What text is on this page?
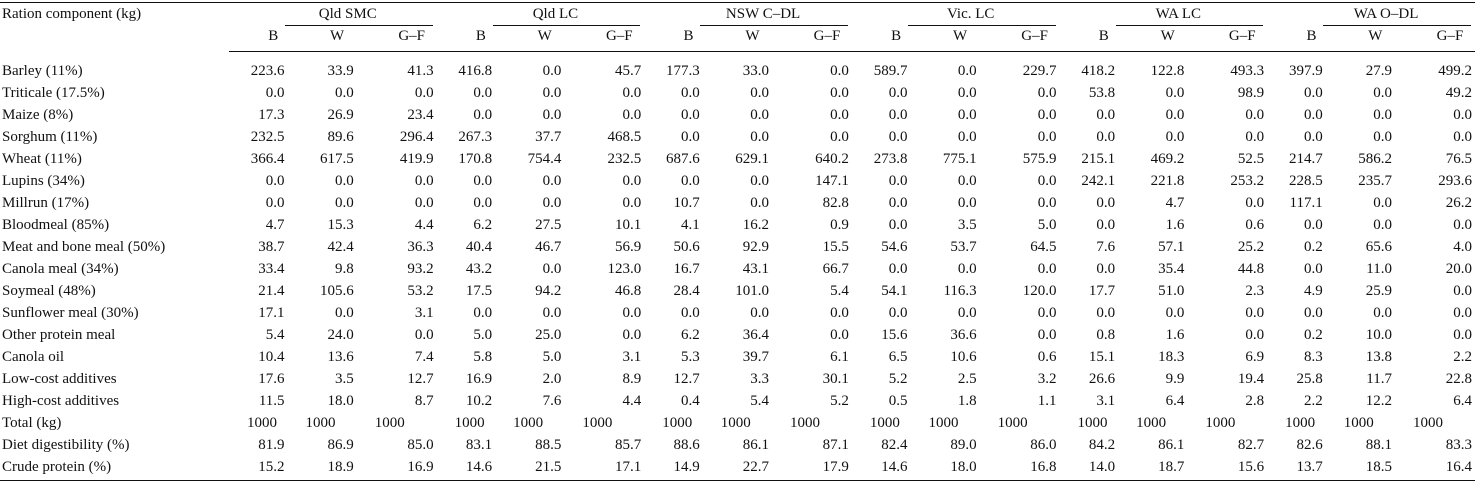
Ration component (kg)	Qld SMC			Qld LC			NSW C–DL			Vic. LC			WA LC			WA O–DL		

	B	W	G–F	B	W	G–F	B	W	G–F	B	W	G–F	B	W	G–F	B	W	G–F

Barley (11%)	223.6	33.9	41.3	416.8	0.0	45.7	177.3	33.0	0.0	589.7	0.0	229.7	418.2	122.8	493.3	397.9	27.9	499.2
Triticale (17.5%)	0.0	0.0	0.0	0.0	0.0	0.0	0.0	0.0	0.0	0.0	0.0	0.0	53.8	0.0	98.9	0.0	0.0	49.2
Maize (8%)	17.3	26.9	23.4	0.0	0.0	0.0	0.0	0.0	0.0	0.0	0.0	0.0	0.0	0.0	0.0	0.0	0.0	0.0
Sorghum (11%)	232.5	89.6	296.4	267.3	37.7	468.5	0.0	0.0	0.0	0.0	0.0	0.0	0.0	0.0	0.0	0.0	0.0	0.0
Wheat (11%)	366.4	617.5	419.9	170.8	754.4	232.5	687.6	629.1	640.2	273.8	775.1	575.9	215.1	469.2	52.5	214.7	586.2	76.5
Lupins (34%)	0.0	0.0	0.0	0.0	0.0	0.0	0.0	0.0	147.1	0.0	0.0	0.0	242.1	221.8	253.2	228.5	235.7	293.6
Millrun (17%)	0.0	0.0	0.0	0.0	0.0	0.0	10.7	0.0	82.8	0.0	0.0	0.0	0.0	4.7	0.0	117.1	0.0	26.2
Bloodmeal (85%)	4.7	15.3	4.4	6.2	27.5	10.1	4.1	16.2	0.9	0.0	3.5	5.0	0.0	1.6	0.6	0.0	0.0	0.0
Meat and bone meal (50%)	38.7	42.4	36.3	40.4	46.7	56.9	50.6	92.9	15.5	54.6	53.7	64.5	7.6	57.1	25.2	0.2	65.6	4.0
Canola meal (34%)	33.4	9.8	93.2	43.2	0.0	123.0	16.7	43.1	66.7	0.0	0.0	0.0	0.0	35.4	44.8	0.0	11.0	20.0
Soymeal (48%)	21.4	105.6	53.2	17.5	94.2	46.8	28.4	101.0	5.4	54.1	116.3	120.0	17.7	51.0	2.3	4.9	25.9	0.0
Sunflower meal (30%)	17.1	0.0	3.1	0.0	0.0	0.0	0.0	0.0	0.0	0.0	0.0	0.0	0.0	0.0	0.0	0.0	0.0	0.0
Other protein meal	5.4	24.0	0.0	5.0	25.0	0.0	6.2	36.4	0.0	15.6	36.6	0.0	0.8	1.6	0.0	0.2	10.0	0.0
Canola oil	10.4	13.6	7.4	5.8	5.0	3.1	5.3	39.7	6.1	6.5	10.6	0.6	15.1	18.3	6.9	8.3	13.8	2.2
Low-cost additives	17.6	3.5	12.7	16.9	2.0	8.9	12.7	3.3	30.1	5.2	2.5	3.2	26.6	9.9	19.4	25.8	11.7	22.8
High-cost additives	11.5	18.0	8.7	10.2	7.6	4.4	0.4	5.4	5.2	0.5	1.8	1.1	3.1	6.4	2.8	2.2	12.2	6.4
Total (kg)	1000	1000	1000	1000	1000	1000	1000	1000	1000	1000	1000	1000	1000	1000	1000	1000	1000	1000
Diet digestibility (%)	81.9	86.9	85.0	83.1	88.5	85.7	88.6	86.1	87.1	82.4	89.0	86.0	84.2	86.1	82.7	82.6	88.1	83.3
Crude protein (%)	15.2	18.9	16.9	14.6	21.5	17.1	14.9	22.7	17.9	14.6	18.0	16.8	14.0	18.7	15.6	13.7	18.5	16.4
